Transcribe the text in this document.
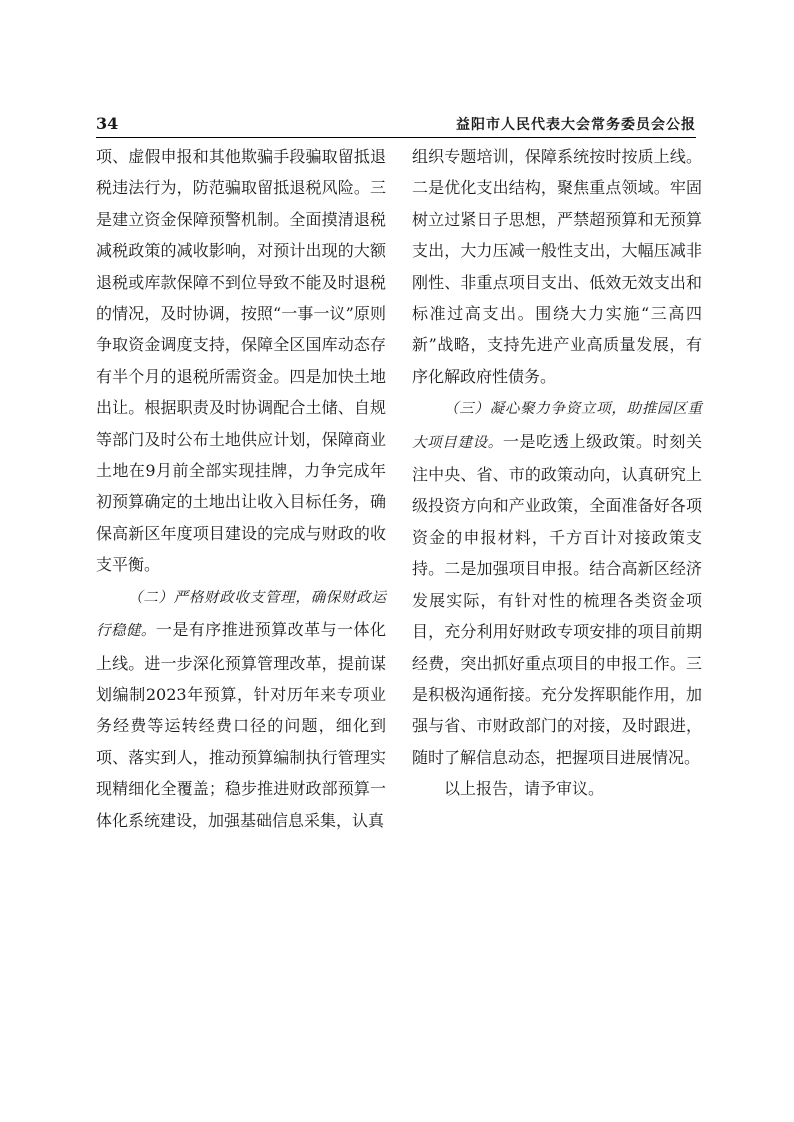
34	益阳市人民代表大会常务委员会公报

项、虚假申报和其他欺骗手段骗取留抵退税违法行为，防范骗取留抵退税风险。三是建立资金保障预警机制。全面摸清退税减税政策的减收影响，对预计出现的大额退税或库款保障不到位导致不能及时退税的情况，及时协调，按照“一事一议”原则争取资金调度支持，保障全区国库动态存有半个月的退税所需资金。四是加快土地出让。根据职责及时协调配合土储、自规等部门及时公布土地供应计划，保障商业土地在9月前全部实现挂牌，力争完成年初预算确定的土地出让收入目标任务，确保高新区年度项目建设的完成与财政的收支平衡。

（二）严格财政收支管理，确保财政运行稳健。一是有序推进预算改革与一体化上线。进一步深化预算管理改革，提前谋划编制2023年预算，针对历年来专项业务经费等运转经费口径的问题，细化到项、落实到人，推动预算编制执行管理实现精细化全覆盖；稳步推进财政部预算一体化系统建设，加强基础信息采集，认真

组织专题培训，保障系统按时按质上线。二是优化支出结构，聚焦重点领域。牢固树立过紧日子思想，严禁超预算和无预算支出，大力压减一般性支出，大幅压减非刚性、非重点项目支出、低效无效支出和标准过高支出。围绕大力实施“三高四新”战略，支持先进产业高质量发展，有序化解政府性债务。

（三）凝心聚力争资立项，助推园区重大项目建设。一是吃透上级政策。时刻关注中央、省、市的政策动向，认真研究上级投资方向和产业政策，全面准备好各项资金的申报材料，千方百计对接政策支持。二是加强项目申报。结合高新区经济发展实际，有针对性的梳理各类资金项目，充分利用好财政专项安排的项目前期经费，突出抓好重点项目的申报工作。三是积极沟通衔接。充分发挥职能作用，加强与省、市财政部门的对接，及时跟进，随时了解信息动态，把握项目进展情况。

以上报告，请予审议。
